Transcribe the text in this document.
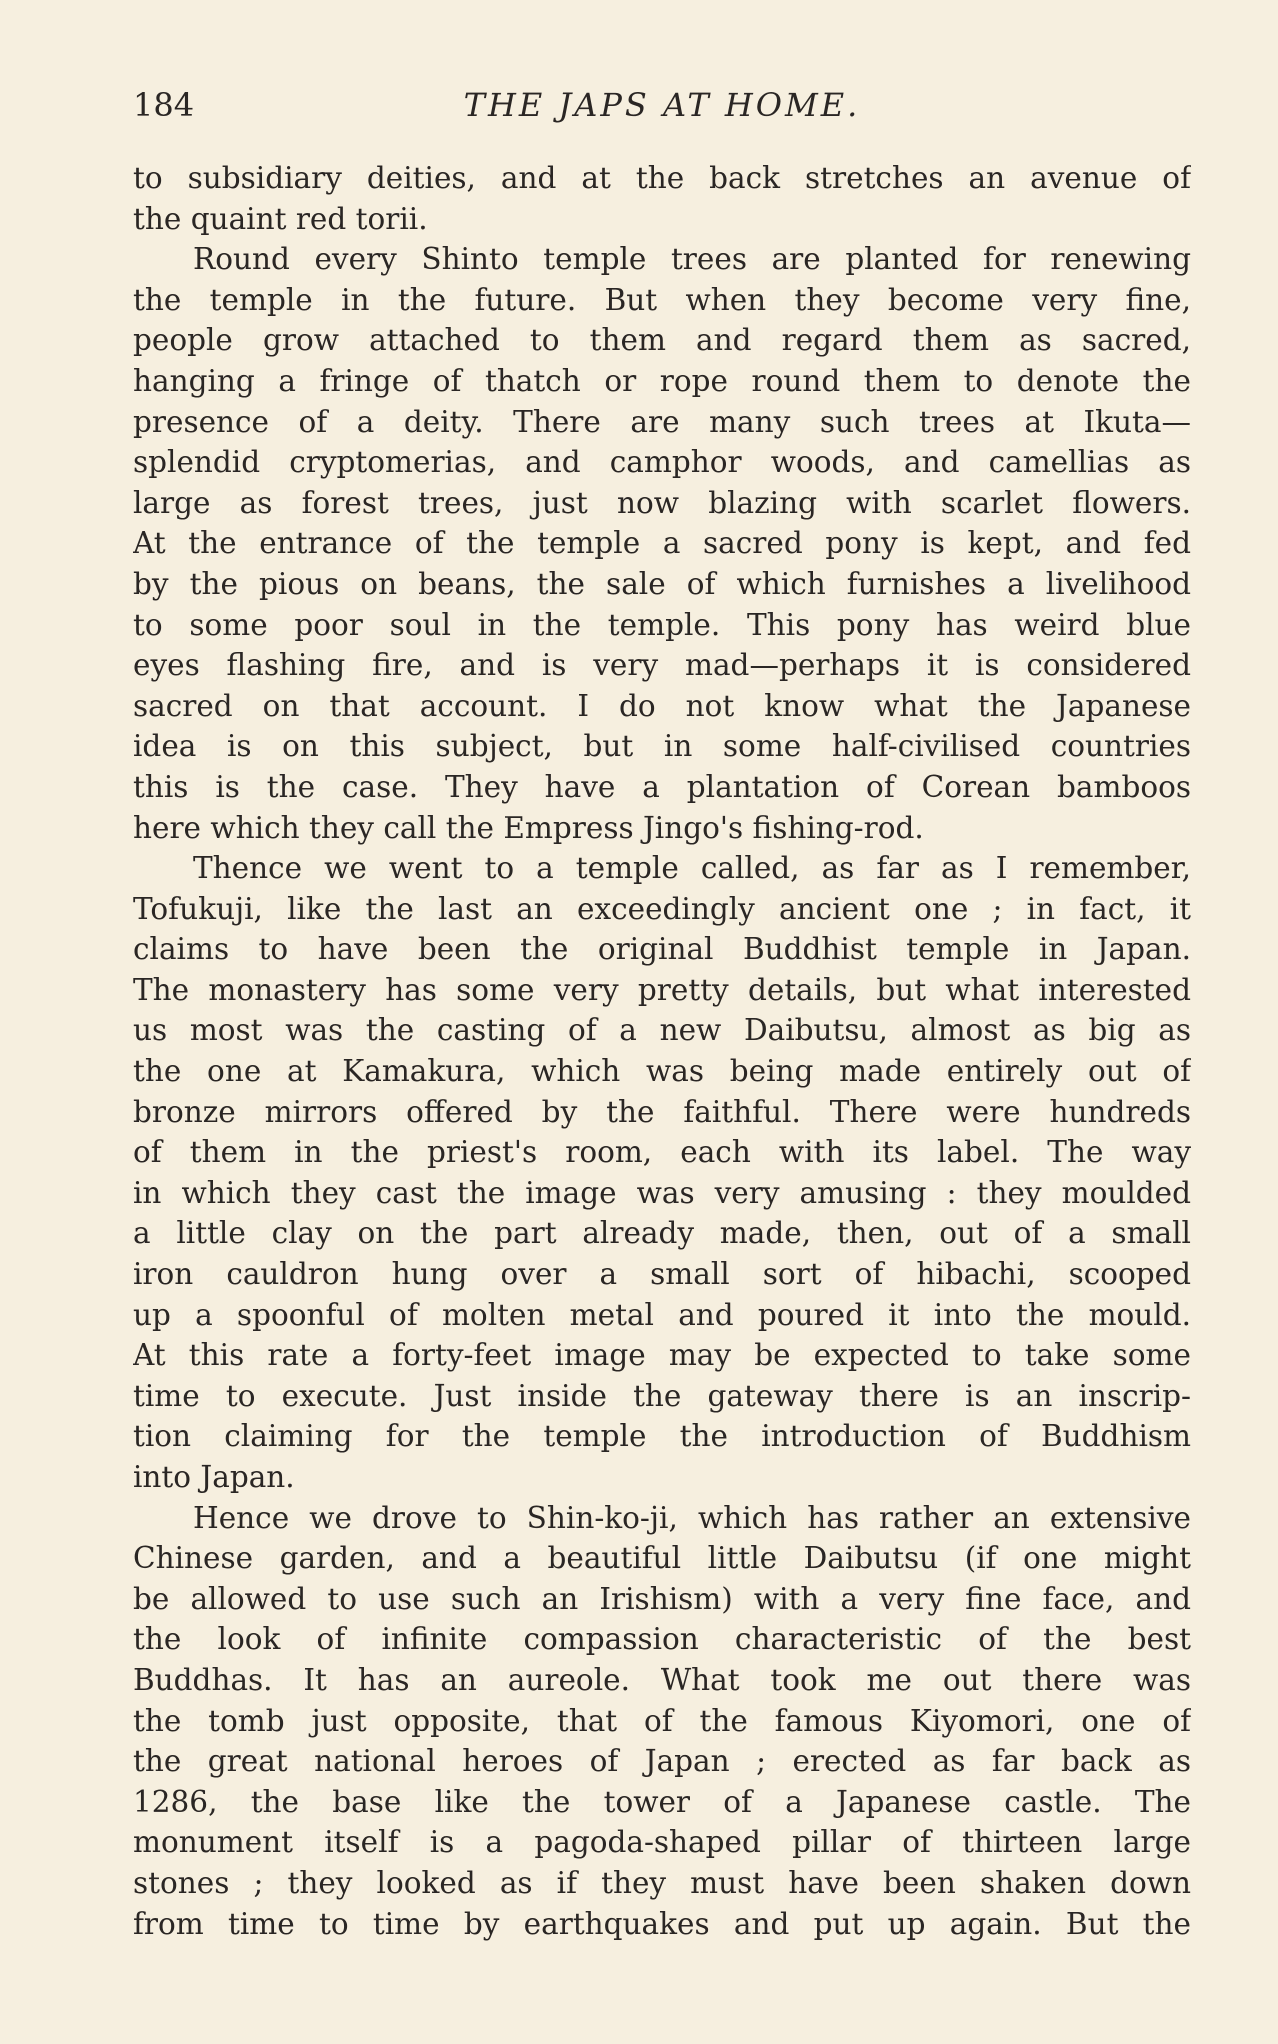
184	THE JAPS AT HOME.
to subsidiary deities, and at the back stretches an avenue of
the quaint red torii.
Round every Shinto temple trees are planted for renewing
the temple in the future. But when they become very fine,
people grow attached to them and regard them as sacred,
hanging a fringe of thatch or rope round them to denote the
presence of a deity. There are many such trees at Ikuta—
splendid cryptomerias, and camphor woods, and camellias as
large as forest trees, just now blazing with scarlet flowers.
At the entrance of the temple a sacred pony is kept, and fed
by the pious on beans, the sale of which furnishes a livelihood
to some poor soul in the temple. This pony has weird blue
eyes flashing fire, and is very mad—perhaps it is considered
sacred on that account. I do not know what the Japanese
idea is on this subject, but in some half-civilised countries
this is the case. They have a plantation of Corean bamboos
here which they call the Empress Jingo's fishing-rod.
Thence we went to a temple called, as far as I remember,
Tofukuji, like the last an exceedingly ancient one ; in fact, it
claims to have been the original Buddhist temple in Japan.
The monastery has some very pretty details, but what interested
us most was the casting of a new Daibutsu, almost as big as
the one at Kamakura, which was being made entirely out of
bronze mirrors offered by the faithful. There were hundreds
of them in the priest's room, each with its label. The way
in which they cast the image was very amusing : they moulded
a little clay on the part already made, then, out of a small
iron cauldron hung over a small sort of hibachi, scooped
up a spoonful of molten metal and poured it into the mould.
At this rate a forty-feet image may be expected to take some
time to execute. Just inside the gateway there is an inscrip-
tion claiming for the temple the introduction of Buddhism
into Japan.
Hence we drove to Shin-ko-ji, which has rather an extensive
Chinese garden, and a beautiful little Daibutsu (if one might
be allowed to use such an Irishism) with a very fine face, and
the look of infinite compassion characteristic of the best
Buddhas. It has an aureole. What took me out there was
the tomb just opposite, that of the famous Kiyomori, one of
the great national heroes of Japan ; erected as far back as
1286, the base like the tower of a Japanese castle. The
monument itself is a pagoda-shaped pillar of thirteen large
stones ; they looked as if they must have been shaken down
from time to time by earthquakes and put up again. But the
